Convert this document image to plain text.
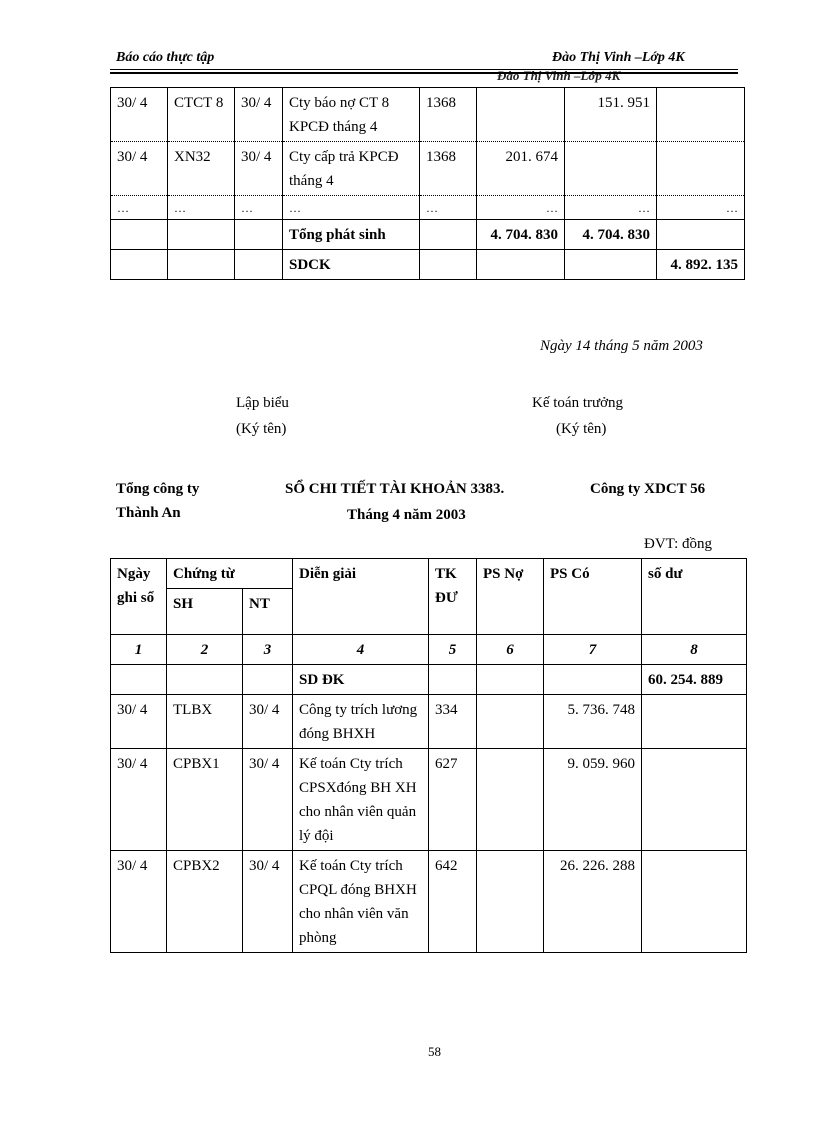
Báo cáo thực tập	Đào Thị Vinh –Lớp 4K
Đào Thị Vinh –Lớp 4K
30/ 4	CTCT 8	30/ 4	Cty báo nợ CT 8 KPCĐ tháng 4	1368		151. 951	
30/ 4	XN32	30/ 4	Cty cấp trả KPCĐ tháng 4	1368	201. 674		
…	…	…	…	…	…	…	…
			Tổng phát sinh		4. 704. 830	4. 704. 830	
			SDCK				4. 892. 135
Ngày 14 tháng 5 năm 2003
Lập biểu
(Ký tên)
Kế toán trưởng
(Ký tên)
Tổng công ty
Thành An
SỔ CHI TIẾT TÀI KHOẢN 3383.
Tháng 4 năm 2003
Công ty XDCT 56
ĐVT: đồng
Ngày ghi sổ	Chứng từ		Diễn giải	TK ĐƯ	PS Nợ	PS Có	số dư
	SH	NT					
1	2	3	4	5	6	7	8
			SD ĐK				60. 254. 889
30/ 4	TLBX	30/ 4	Công ty trích lương đóng BHXH	334		5. 736. 748	
30/ 4	CPBX1	30/ 4	Kế toán Cty trích CPSXđóng BH XH cho nhân viên quản lý đội	627		9. 059. 960	
30/ 4	CPBX2	30/ 4	Kế toán Cty trích CPQL đóng BHXH cho nhân viên văn phòng	642		26. 226. 288	
58
